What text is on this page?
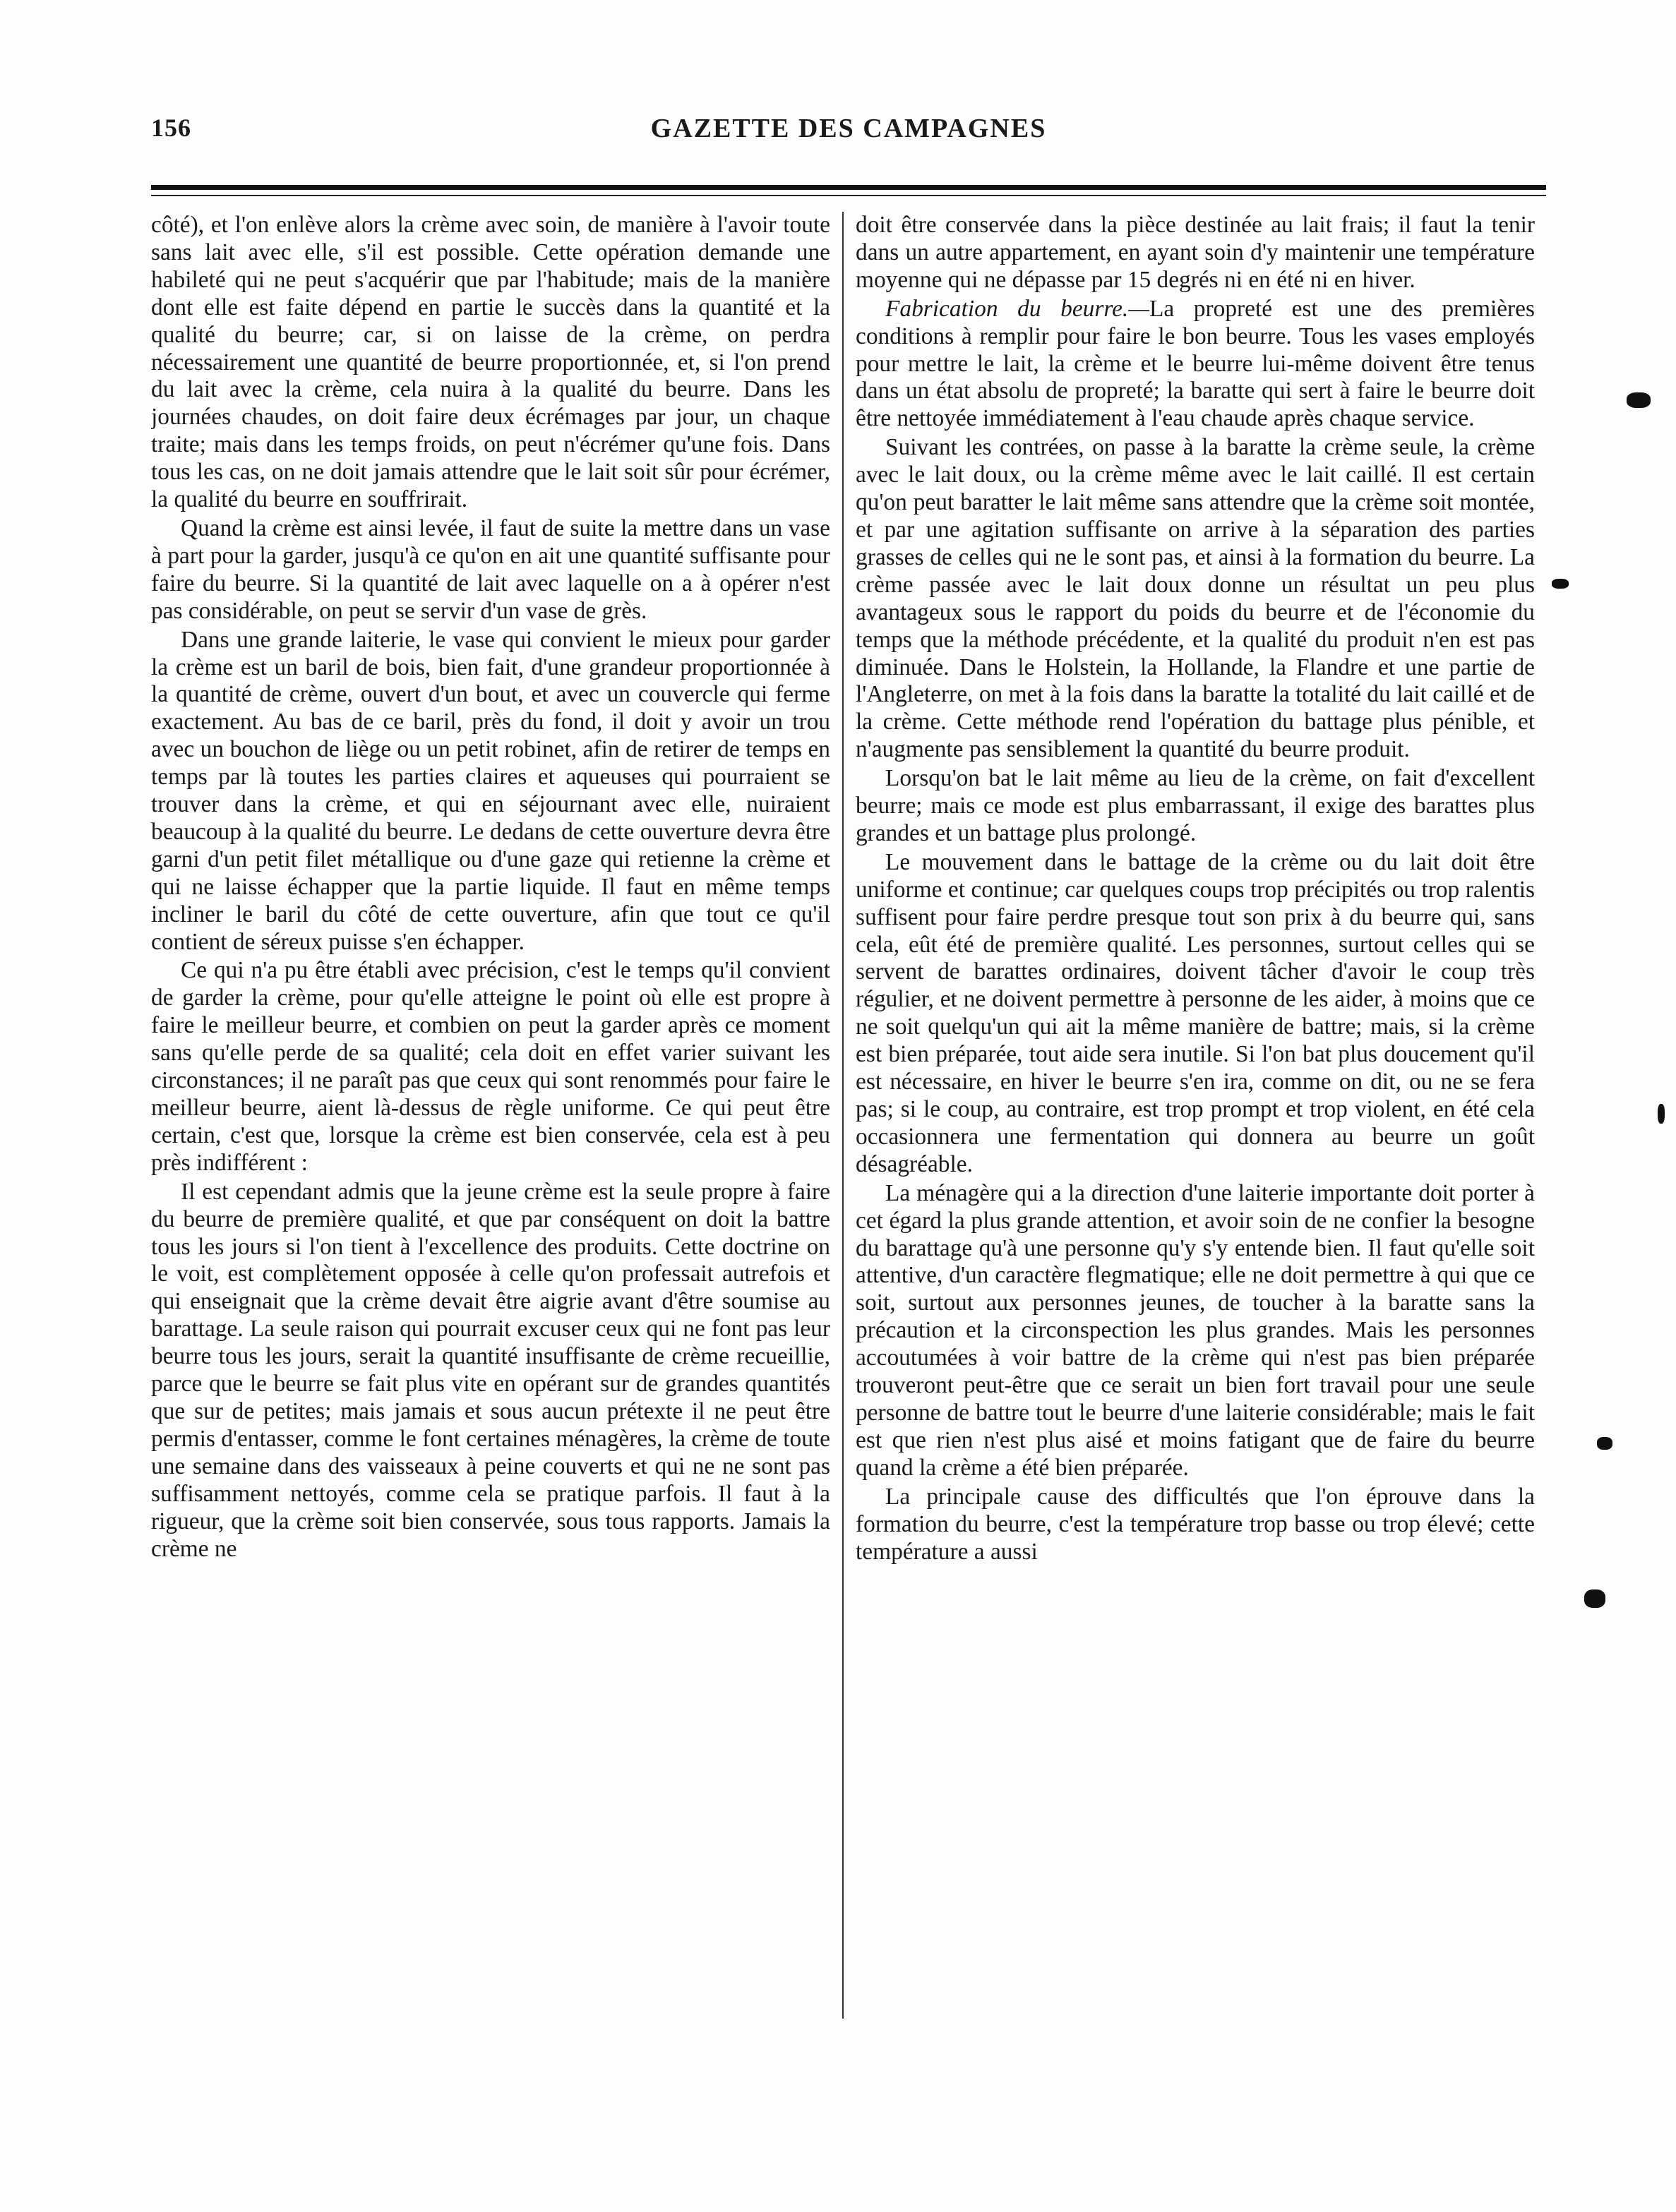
156	GAZETTE DES CAMPAGNES

côté), et l'on enlève alors la crème avec soin, de manière à l'avoir toute sans lait avec elle, s'il est possible. Cette opération demande une habileté qui ne peut s'acquérir que par l'habitude; mais de la manière dont elle est faite dépend en partie le succès dans la quantité et la qualité du beurre; car, si on laisse de la crème, on perdra nécessairement une quantité de beurre proportionnée, et, si l'on prend du lait avec la crème, cela nuira à la qualité du beurre. Dans les journées chaudes, on doit faire deux écrémages par jour, un chaque traite; mais dans les temps froids, on peut n'écrémer qu'une fois. Dans tous les cas, on ne doit jamais attendre que le lait soit sûr pour écrémer, la qualité du beurre en souffrirait.

Quand la crème est ainsi levée, il faut de suite la mettre dans un vase à part pour la garder, jusqu'à ce qu'on en ait une quantité suffisante pour faire du beurre. Si la quantité de lait avec laquelle on a à opérer n'est pas considérable, on peut se servir d'un vase de grès.

Dans une grande laiterie, le vase qui convient le mieux pour garder la crème est un baril de bois, bien fait, d'une grandeur proportionnée à la quantité de crème, ouvert d'un bout, et avec un couvercle qui ferme exactement. Au bas de ce baril, près du fond, il doit y avoir un trou avec un bouchon de liège ou un petit robinet, afin de retirer de temps en temps par là toutes les parties claires et aqueuses qui pourraient se trouver dans la crème, et qui en séjournant avec elle, nuiraient beaucoup à la qualité du beurre. Le dedans de cette ouverture devra être garni d'un petit filet métallique ou d'une gaze qui retienne la crème et qui ne laisse échapper que la partie liquide. Il faut en même temps incliner le baril du côté de cette ouverture, afin que tout ce qu'il contient de séreux puisse s'en échapper.

Ce qui n'a pu être établi avec précision, c'est le temps qu'il convient de garder la crème, pour qu'elle atteigne le point où elle est propre à faire le meilleur beurre, et combien on peut la garder après ce moment sans qu'elle perde de sa qualité; cela doit en effet varier suivant les circonstances; il ne paraît pas que ceux qui sont renommés pour faire le meilleur beurre, aient là-dessus de règle uniforme. Ce qui peut être certain, c'est que, lorsque la crème est bien conservée, cela est à peu près indifférent :

Il est cependant admis que la jeune crème est la seule propre à faire du beurre de première qualité, et que par conséquent on doit la battre tous les jours si l'on tient à l'excellence des produits. Cette doctrine on le voit, est complètement opposée à celle qu'on professait autrefois et qui enseignait que la crème devait être aigrie avant d'être soumise au barattage. La seule raison qui pourrait excuser ceux qui ne font pas leur beurre tous les jours, serait la quantité insuffisante de crème recueillie, parce que le beurre se fait plus vite en opérant sur de grandes quantités que sur de petites; mais jamais et sous aucun prétexte il ne peut être permis d'entasser, comme le font certaines ménagères, la crème de toute une semaine dans des vaisseaux à peine couverts et qui ne ne sont pas suffisamment nettoyés, comme cela se pratique parfois. Il faut à la rigueur, que la crème soit bien conservée, sous tous rapports. Jamais la crème ne

doit être conservée dans la pièce destinée au lait frais; il faut la tenir dans un autre appartement, en ayant soin d'y maintenir une température moyenne qui ne dépasse par 15 degrés ni en été ni en hiver.

Fabrication du beurre.—La propreté est une des premières conditions à remplir pour faire le bon beurre. Tous les vases employés pour mettre le lait, la crème et le beurre lui-même doivent être tenus dans un état absolu de propreté; la baratte qui sert à faire le beurre doit être nettoyée immédiatement à l'eau chaude après chaque service.

Suivant les contrées, on passe à la baratte la crème seule, la crème avec le lait doux, ou la crème même avec le lait caillé. Il est certain qu'on peut baratter le lait même sans attendre que la crème soit montée, et par une agitation suffisante on arrive à la séparation des parties grasses de celles qui ne le sont pas, et ainsi à la formation du beurre. La crème passée avec le lait doux donne un résultat un peu plus avantageux sous le rapport du poids du beurre et de l'économie du temps que la méthode précédente, et la qualité du produit n'en est pas diminuée. Dans le Holstein, la Hollande, la Flandre et une partie de l'Angleterre, on met à la fois dans la baratte la totalité du lait caillé et de la crème. Cette méthode rend l'opération du battage plus pénible, et n'augmente pas sensiblement la quantité du beurre produit.

Lorsqu'on bat le lait même au lieu de la crème, on fait d'excellent beurre; mais ce mode est plus embarrassant, il exige des barattes plus grandes et un battage plus prolongé.

Le mouvement dans le battage de la crème ou du lait doit être uniforme et continue; car quelques coups trop précipités ou trop ralentis suffisent pour faire perdre presque tout son prix à du beurre qui, sans cela, eût été de première qualité. Les personnes, surtout celles qui se servent de barattes ordinaires, doivent tâcher d'avoir le coup très régulier, et ne doivent permettre à personne de les aider, à moins que ce ne soit quelqu'un qui ait la même manière de battre; mais, si la crème est bien préparée, tout aide sera inutile. Si l'on bat plus doucement qu'il est nécessaire, en hiver le beurre s'en ira, comme on dit, ou ne se fera pas; si le coup, au contraire, est trop prompt et trop violent, en été cela occasionnera une fermentation qui donnera au beurre un goût désagréable.

La ménagère qui a la direction d'une laiterie importante doit porter à cet égard la plus grande attention, et avoir soin de ne confier la besogne du barattage qu'à une personne qu'y s'y entende bien. Il faut qu'elle soit attentive, d'un caractère flegmatique; elle ne doit permettre à qui que ce soit, surtout aux personnes jeunes, de toucher à la baratte sans la précaution et la circonspection les plus grandes. Mais les personnes accoutumées à voir battre de la crème qui n'est pas bien préparée trouveront peut-être que ce serait un bien fort travail pour une seule personne de battre tout le beurre d'une laiterie considérable; mais le fait est que rien n'est plus aisé et moins fatigant que de faire du beurre quand la crème a été bien préparée.

La principale cause des difficultés que l'on éprouve dans la formation du beurre, c'est la température trop basse ou trop élevé; cette température a aussi
